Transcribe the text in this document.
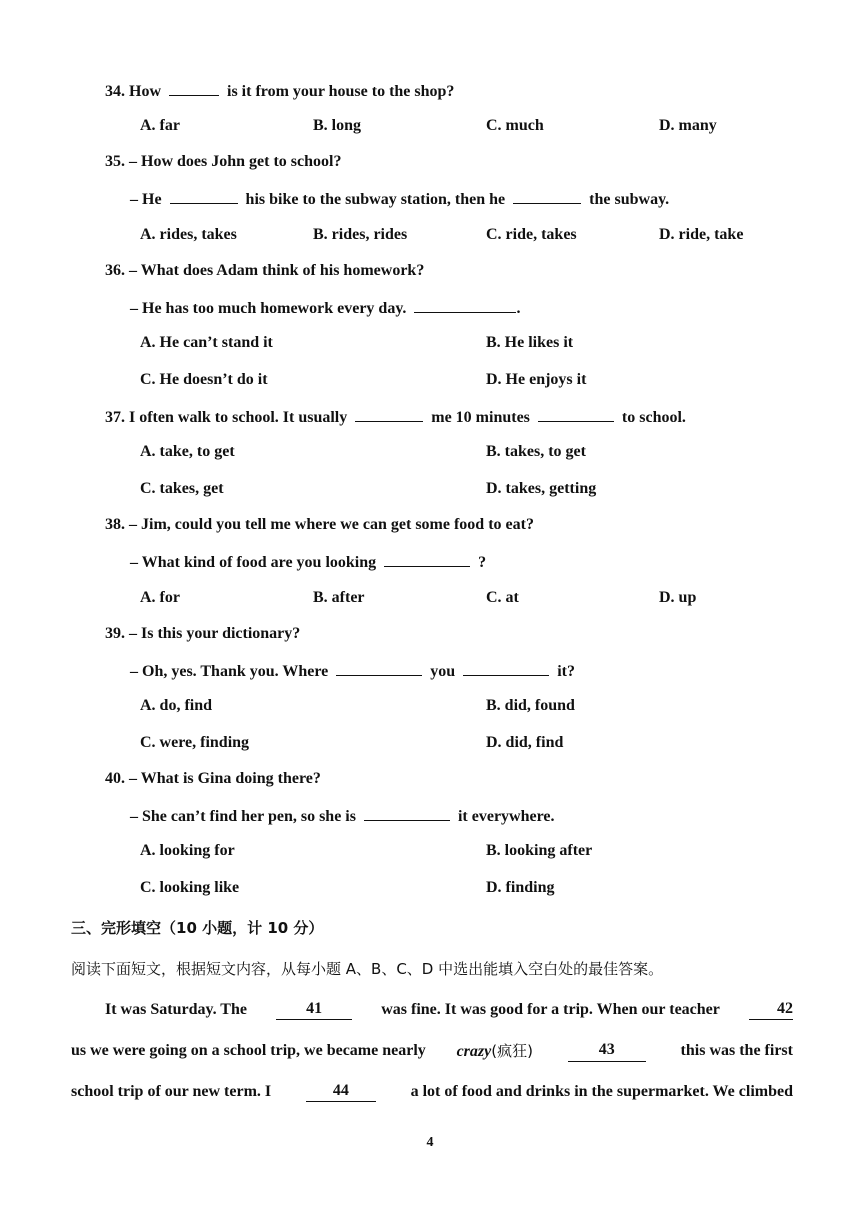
34. How	is it from your house to the shop?
A. far	B. long	C. much	D. many
35. – How does John get to school?
– He	his bike to the subway station, then he	the subway.
A. rides, takes	B. rides, rides	C. ride, takes	D. ride, take
36. – What does Adam think of his homework?
– He has too much homework every day.	.
A. He can’t stand it	B. He likes it
C. He doesn’t do it	D. He enjoys it
37. I often walk to school. It usually	me 10 minutes	to school.
A. take, to get	B. takes, to get
C. takes, get	D. takes, getting
38. – Jim, could you tell me where we can get some food to eat?
– What kind of food are you looking	?
A. for	B. after	C. at	D. up
39. – Is this your dictionary?
– Oh, yes. Thank you. Where	you	it?
A. do, find	B. did, found
C. were, finding	D. did, find
40. – What is Gina doing there?
– She can’t find her pen, so she is	it everywhere.
A. looking for	B. looking after
C. looking like	D. finding
三、完形填空（10 小题，计 10 分）
阅读下面短文，根据短文内容，从每小题 A、B、C、D 中选出能填入空白处的最佳答案。
It was Saturday. The	41	was fine. It was good for a trip. When our teacher	42
us we were going on a school trip, we became nearly crazy(疯狂)	43	this was the first
school trip of our new term. I	44	a lot of food and drinks in the supermarket. We climbed
4
